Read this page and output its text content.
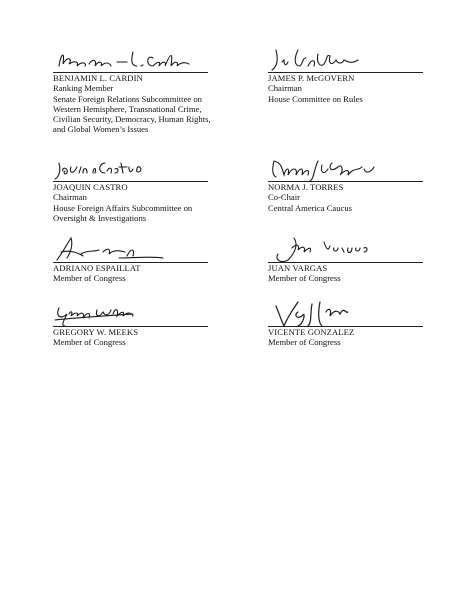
BENJAMIN L. CARDIN
Ranking Member
Senate Foreign Relations Subcommittee on
Western Hemisphere, Transnational Crime,
Civilian Security, Democracy, Human Rights,
and Global Women’s Issues
JAMES P. McGOVERN
Chairman
House Committee on Rules
JOAQUIN CASTRO
Chairman
House Foreign Affairs Subcommittee on
Oversight & Investigations
NORMA J. TORRES
Co-Chair
Central America Caucus
ADRIANO ESPAILLAT
Member of Congress
JUAN VARGAS
Member of Congress
GREGORY W. MEEKS
Member of Congress
VICENTE GONZALEZ
Member of Congress
